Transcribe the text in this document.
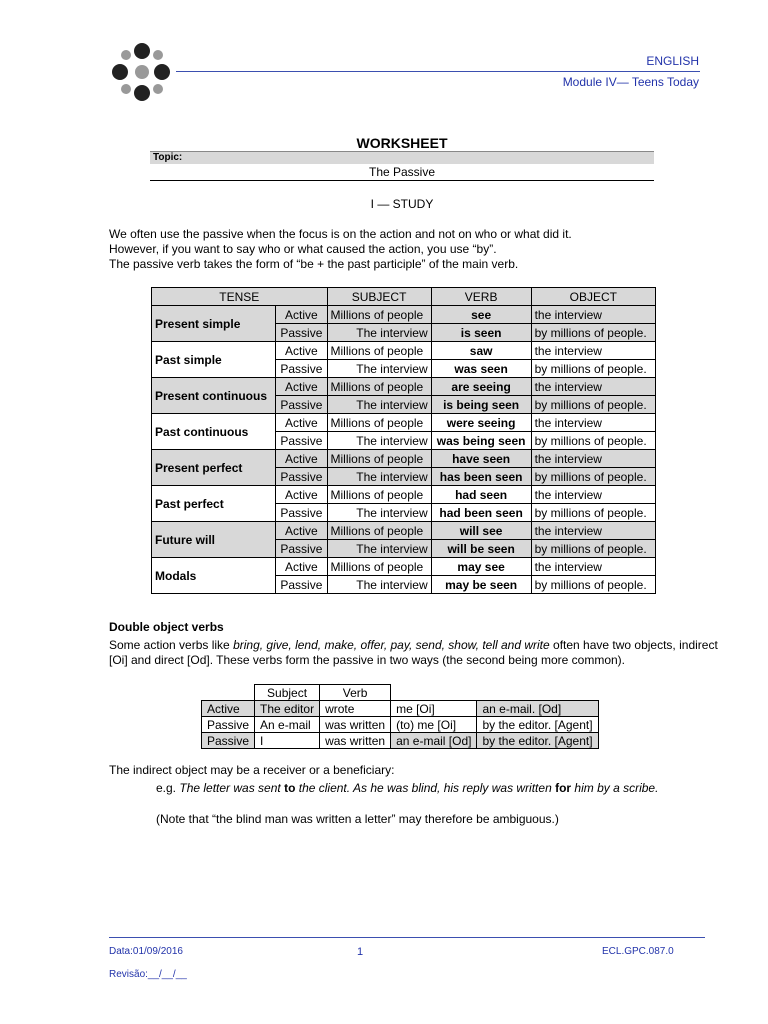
ENGLISH
Module IV— Teens Today
WORKSHEET
Topic:
The Passive
I — STUDY
We often use the passive when the focus is on the action and not on who or what did it.
However, if you want to say who or what caused the action, you use “by”.
The passive verb takes the form of “be + the past participle” of the main verb.
TENSE		SUBJECT	VERB	OBJECT
Present simple	Active	Millions of people	see	the interview
	Passive	The interview	is seen	by millions of people.
Past simple	Active	Millions of people	saw	the interview
	Passive	The interview	was seen	by millions of people.
Present continuous	Active	Millions of people	are seeing	the interview
	Passive	The interview	is being seen	by millions of people.
Past continuous	Active	Millions of people	were seeing	the interview
	Passive	The interview	was being seen	by millions of people.
Present perfect	Active	Millions of people	have seen	the interview
	Passive	The interview	has been seen	by millions of people.
Past perfect	Active	Millions of people	had seen	the interview
	Passive	The interview	had been seen	by millions of people.
Future will	Active	Millions of people	will see	the interview
	Passive	The interview	will be seen	by millions of people.
Modals	Active	Millions of people	may see	the interview
	Passive	The interview	may be seen	by millions of people.
Double object verbs
Some action verbs like bring, give, lend, make, offer, pay, send, show, tell and write often have two objects, indirect
[Oi] and direct [Od]. These verbs form the passive in two ways (the second being more common).
	Subject	Verb		
Active	The editor	wrote	me [Oi]	an e-mail. [Od]
Passive	An e-mail	was written	(to) me [Oi]	by the editor. [Agent]
Passive	I	was written	an e-mail [Od]	by the editor. [Agent]
The indirect object may be a receiver or a beneficiary:
e.g. The letter was sent to the client. As he was blind, his reply was written for him by a scribe.
(Note that “the blind man was written a letter” may therefore be ambiguous.)
Data:01/09/2016	1	ECL.GPC.087.0
Revisão:__/__/__
